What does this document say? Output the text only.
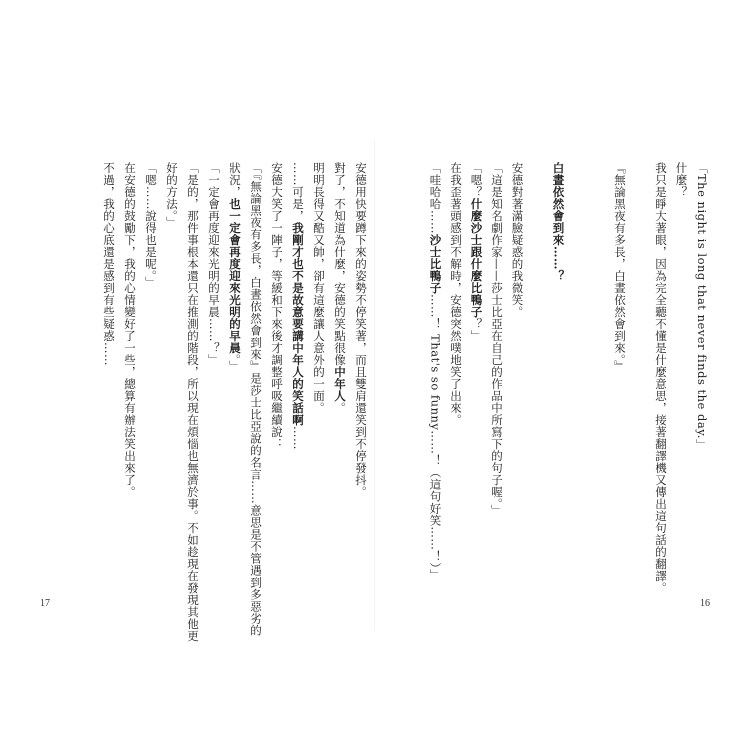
「The night is long that never finds the day.」
什麼？
我只是睜大著眼，因為完全聽不懂是什麼意思，接著翻譯機又傳出這句話的翻譯。
『無論黑夜有多長，白晝依然會到來。』
白晝依然會到來……？
安德對著滿臉疑惑的我微笑。
「這是知名劇作家——莎士比亞在自己的作品中所寫下的句子喔。」
「嗯？什麼沙士跟什麼比鴨子？」
在我歪著頭感到不解時，安德突然噗地笑了出來。
「哇哈哈……沙士比鴨子……！ That's so funny……！（這句好笑……！）」
16
安德用快要蹲下來的姿勢不停笑著，而且雙肩還笑到不停發抖。
對了，不知道為什麼，安德的笑點很像中年人。
明明長得又酷又帥，卻有這麼讓人意外的一面。
……可是，我剛才也不是故意要講中年人的笑話啊……
安德大笑了一陣子，等緩和下來後才調整呼吸繼續說：
「『無論黑夜有多長，白晝依然會到來』是莎士比亞說的名言……意思是不管遇到多惡劣的
狀況，也一定會再度迎來光明的早晨。」
「一定會再度迎來光明的早晨……？」
「是的，那件事根本還只在推測的階段，所以現在煩惱也無濟於事。不如趁現在發現其他更
好的方法。」
「嗯……說得也是呢。」
在安德的鼓勵下，我的心情變好了一些，總算有辦法笑出來了。
不過，我的心底還是感到有些疑惑……
17
